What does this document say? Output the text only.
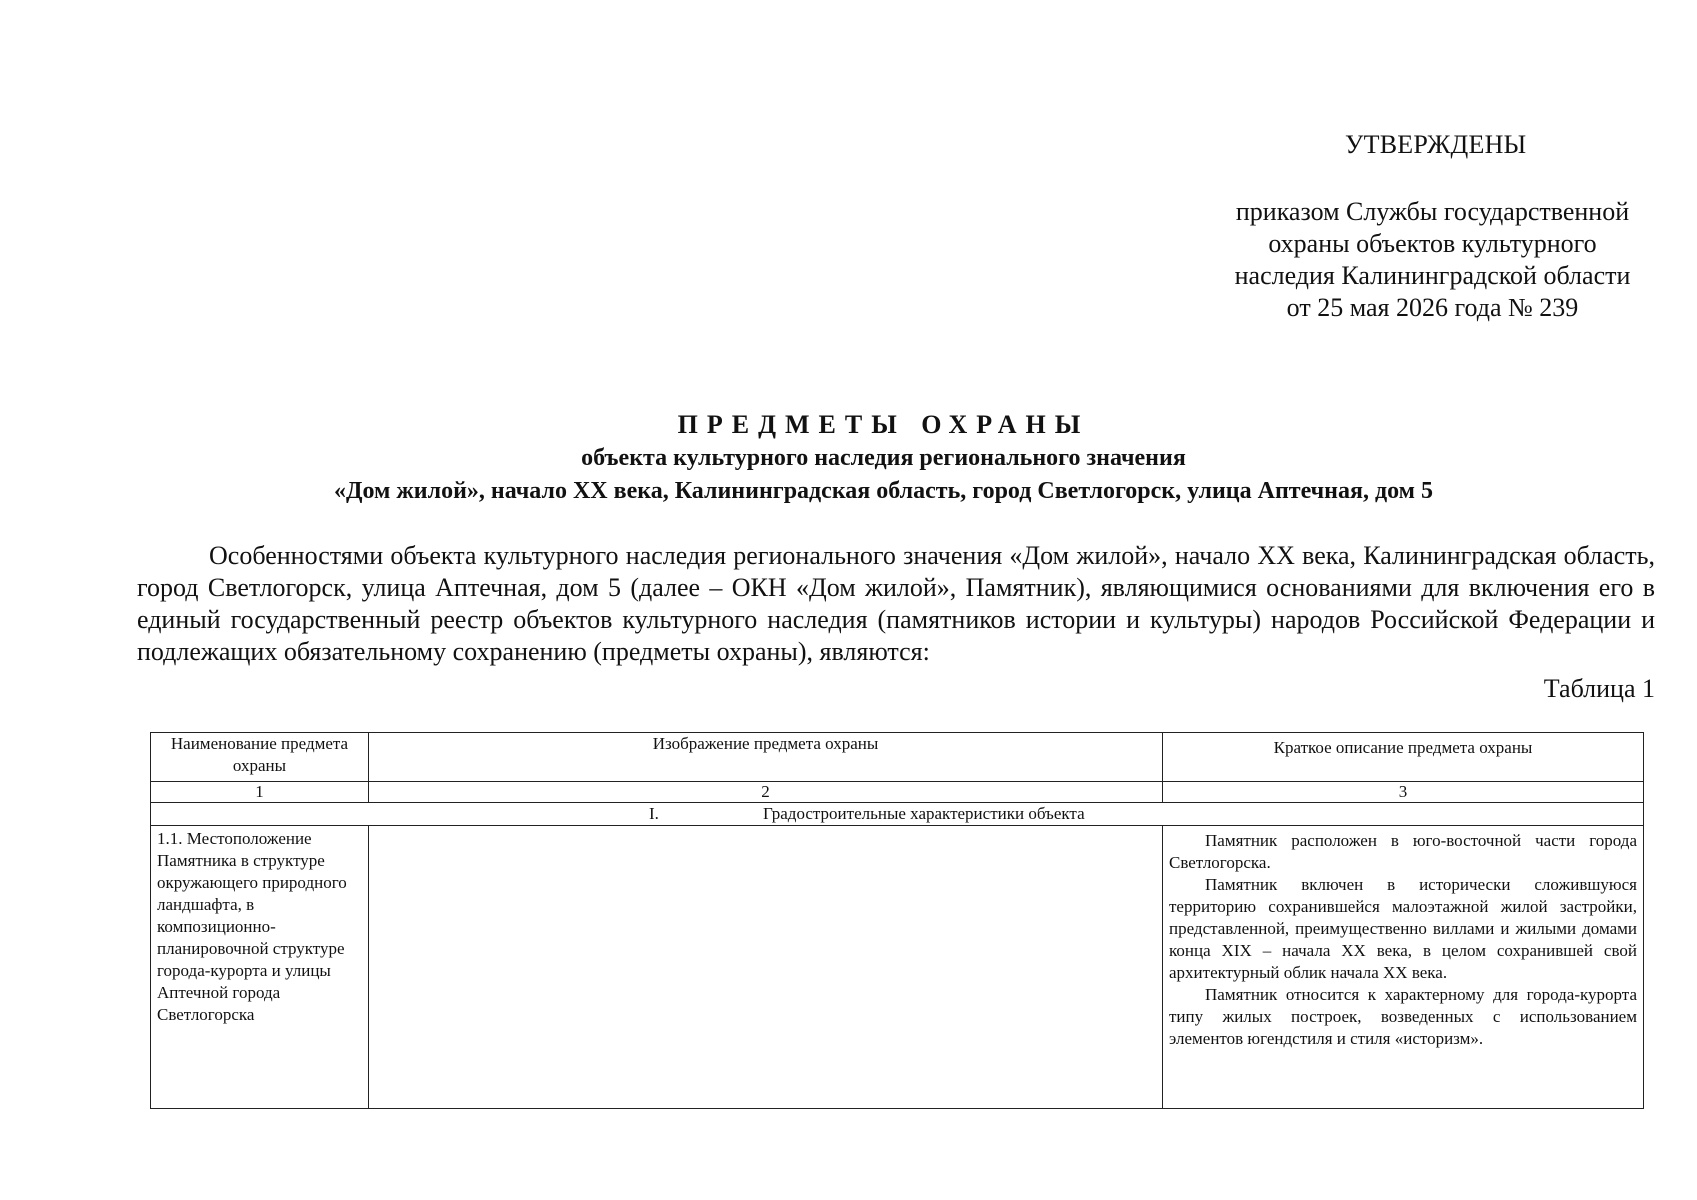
УТВЕРЖДЕНЫ
приказом Службы государственной
охраны объектов культурного
наследия Калининградской области
от 25 мая 2026 года № 239
ПРЕДМЕТЫ ОХРАНЫ
объекта культурного наследия регионального значения
«Дом жилой», начало XX века, Калининградская область, город Светлогорск, улица Аптечная, дом 5
Особенностями объекта культурного наследия регионального значения «Дом жилой», начало XX века, Калининградская область, город Светлогорск, улица Аптечная, дом 5 (далее – ОКН «Дом жилой», Памятник), являющимися основаниями для включения его в единый государственный реестр объектов культурного наследия (памятников истории и культуры) народов Российской Федерации и подлежащих обязательному сохранению (предметы охраны), являются:
Таблица 1
Наименование предмета охраны	Изображение предмета охраны	Краткое описание предмета охраны
1	2	3

I. Градостроительные характеристики объекта		

1.1. Местоположение Памятника в структуре окружающего природного ландшафта, в композиционно-планировочной структуре города-курорта и улицы Аптечной города Светлогорска		Памятник расположен в юго-восточной части города Светлогорска.

Памятник включен в исторически сложившуюся территорию сохранившейся малоэтажной жилой застройки, представленной, преимущественно виллами и жилыми домами конца XIX – начала XX века, в целом сохранившей свой архитектурный облик начала XX века.

Памятник относится к характерному для города-курорта типу жилых построек, возведенных с использованием элементов югендстиля и стиля «историзм».
